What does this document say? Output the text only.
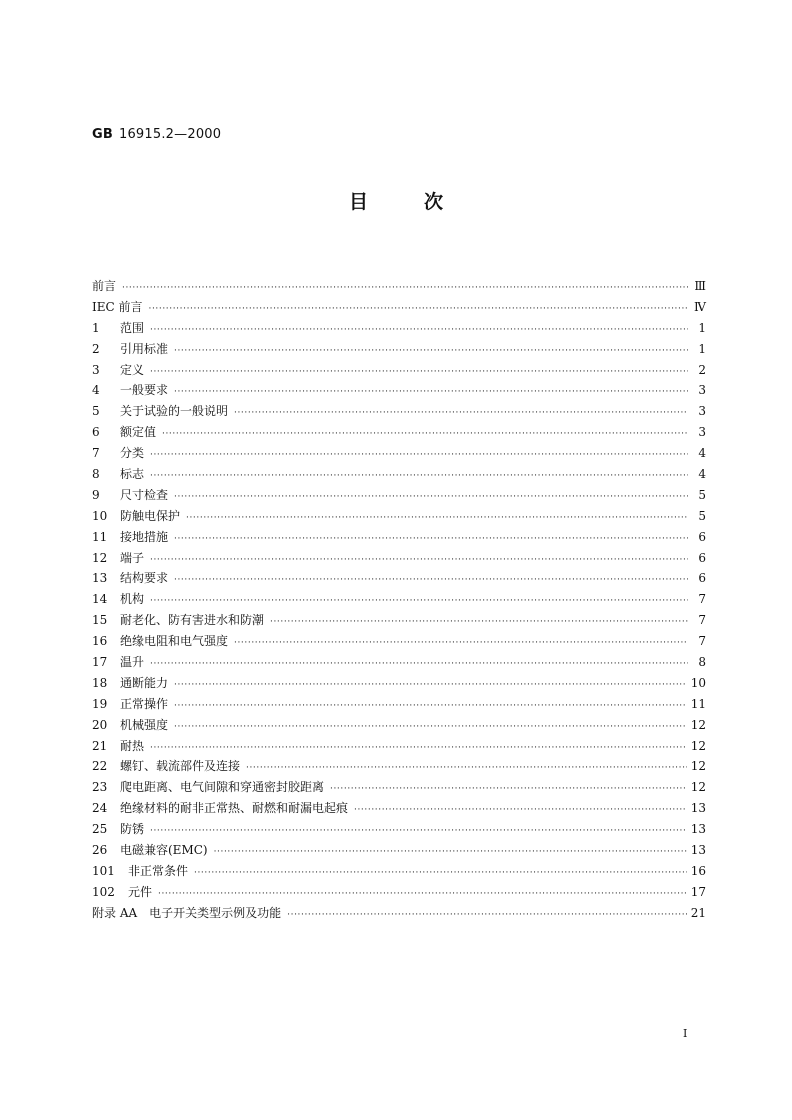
GB 16915.2—2000
目次
前言 ·····	Ⅲ
IEC 前言 ·····	Ⅳ
1	范围 ·····	1
2	引用标准 ·····	1
3	定义 ·····	2
4	一般要求 ·····	3
5	关于试验的一般说明 ·····	3
6	额定值 ·····	3
7	分类 ·····	4
8	标志 ·····	4
9	尺寸检查 ·····	5
10	防触电保护 ·····	5
11	接地措施 ·····	6
12	端子 ·····	6
13	结构要求 ·····	6
14	机构 ·····	7
15	耐老化、防有害进水和防潮 ·····	7
16	绝缘电阻和电气强度 ·····	7
17	温升 ·····	8
18	通断能力 ·····	10
19	正常操作 ·····	11
20	机械强度 ·····	12
21	耐热 ·····	12
22	螺钉、载流部件及连接 ·····	12
23	爬电距离、电气间隙和穿通密封胶距离 ·····	12
24	绝缘材料的耐非正常热、耐燃和耐漏电起痕 ·····	13
25	防锈 ·····	13
26	电磁兼容(EMC) ·····	13
101	非正常条件 ·····	16
102	元件 ·····	17
附录 AA　电子开关类型示例及功能 ·····	21
I
